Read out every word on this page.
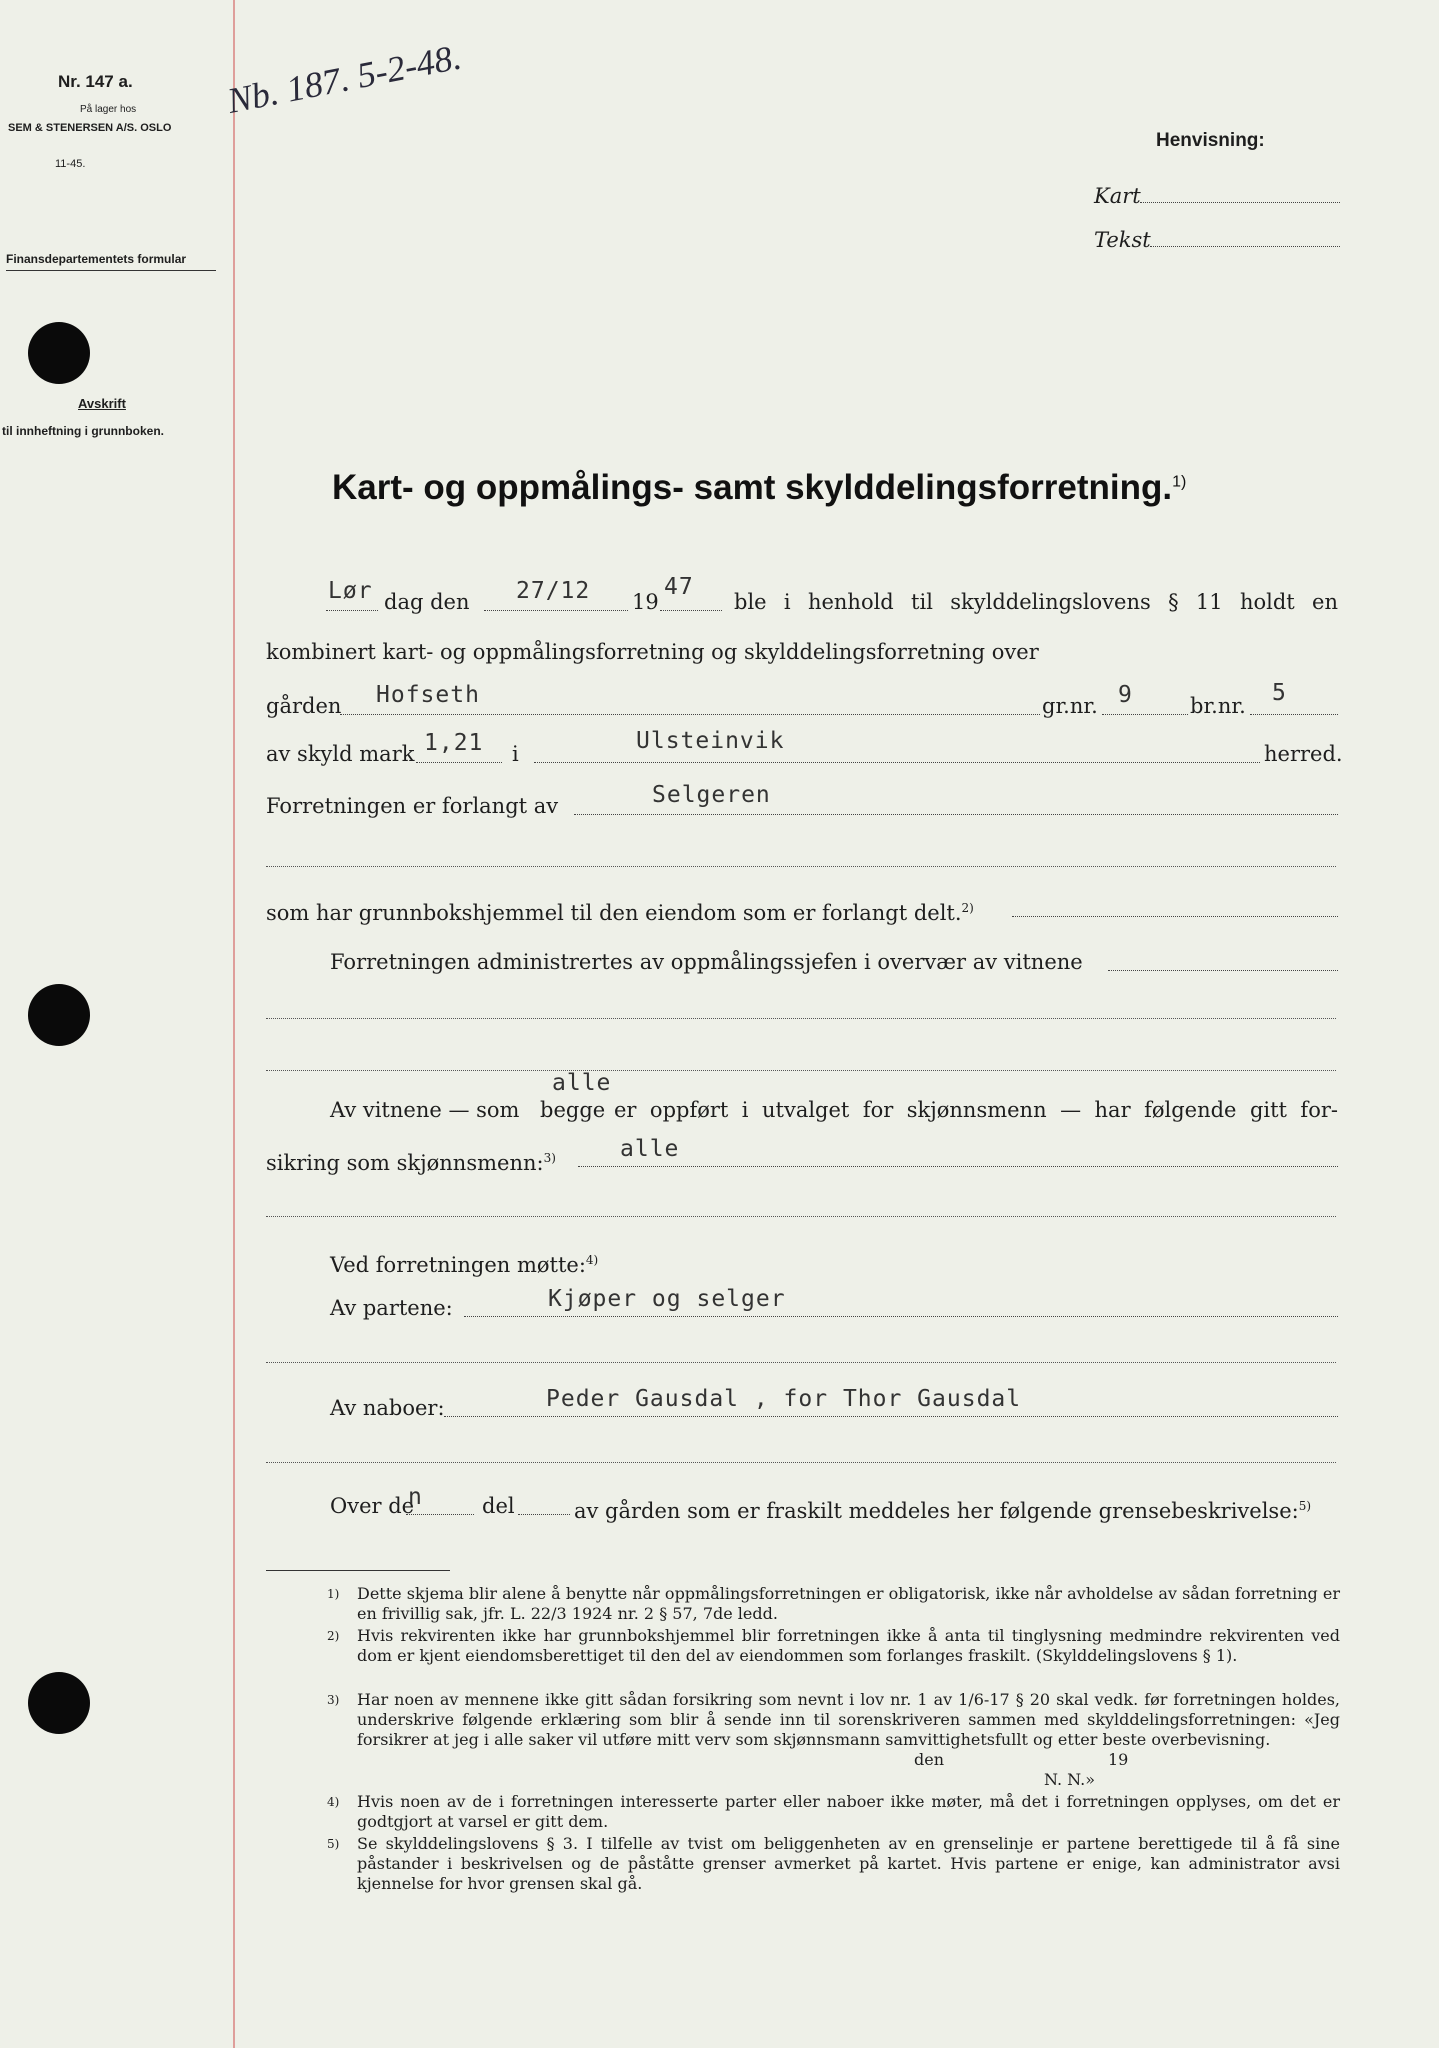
Nr. 147 a.
På lager hos
SEM & STENERSEN A/S. OSLO
11-45.
Finansdepartementets formular
Avskrift
til innheftning i grunnboken.
Nb. 187. 5-2-48.
Henvisning:
Kart
Tekst
Kart- og oppmålings- samt skylddelingsforretning.$^{1)}$
Lør dag den 27/12 19
47
ble i henhold til skylddelingslovens § 11 holdt en
kombinert kart- og oppmålingsforretning og skylddelingsforretning over
gården Hofseth	gr.nr. 9	br.nr. 5
av skyld mark 1,21 i	Ulsteinvik	herred.
Forretningen er forlangt av	Selgeren
som har grunnbokshjemmel til den eiendom som er forlangt delt.$^{2)}$
Forretningen administrertes av oppmålingssjefen i overvær av vitnene
alle
Av vitnene — som begge er oppført i utvalget for skjønnsmenn — har følgende gitt for-
sikring som skjønnsmenn:$^{3)}$	alle
Ved forretningen møtte:$^{4)}$
Av partene:	Kjøper og selger
Av naboer:	Peder Gausdal , for Thor Gausdal
Over de
n	del	av gården som er fraskilt meddeles her følgende grensebeskrivelse:$^{5)}$
1) Dette skjema blir alene å benytte når oppmålingsforretningen er obligatorisk, ikke når avholdelse av sådan forretning er en frivillig sak, jfr. L. 22/3 1924 nr. 2 § 57, 7de ledd.
2) Hvis rekvirenten ikke har grunnbokshjemmel blir forretningen ikke å anta til tinglysning medmindre rekvirenten ved dom er kjent eiendomsberettiget til den del av eiendommen som forlanges fraskilt. (Skylddelingslovens § 1).
3) Har noen av mennene ikke gitt sådan forsikring som nevnt i lov nr. 1 av 1/6-17 § 20 skal vedk. før forretningen holdes, underskrive følgende erklæring som blir å sende inn til sorenskriveren sammen med skylddelingsforretningen: «Jeg forsikrer at jeg i alle saker vil utføre mitt verv som skjønnsmann samvittighetsfullt og etter beste overbevisning.
den	19
N. N.»
4) Hvis noen av de i forretningen interesserte parter eller naboer ikke møter, må det i forretningen opplyses, om det er godtgjort at varsel er gitt dem.
5) Se skylddelingslovens § 3. I tilfelle av tvist om beliggenheten av en grenselinje er partene berettigede til å få sine påstander i beskrivelsen og de påståtte grenser avmerket på kartet. Hvis partene er enige, kan administrator avsi kjennelse for hvor grensen skal gå.
